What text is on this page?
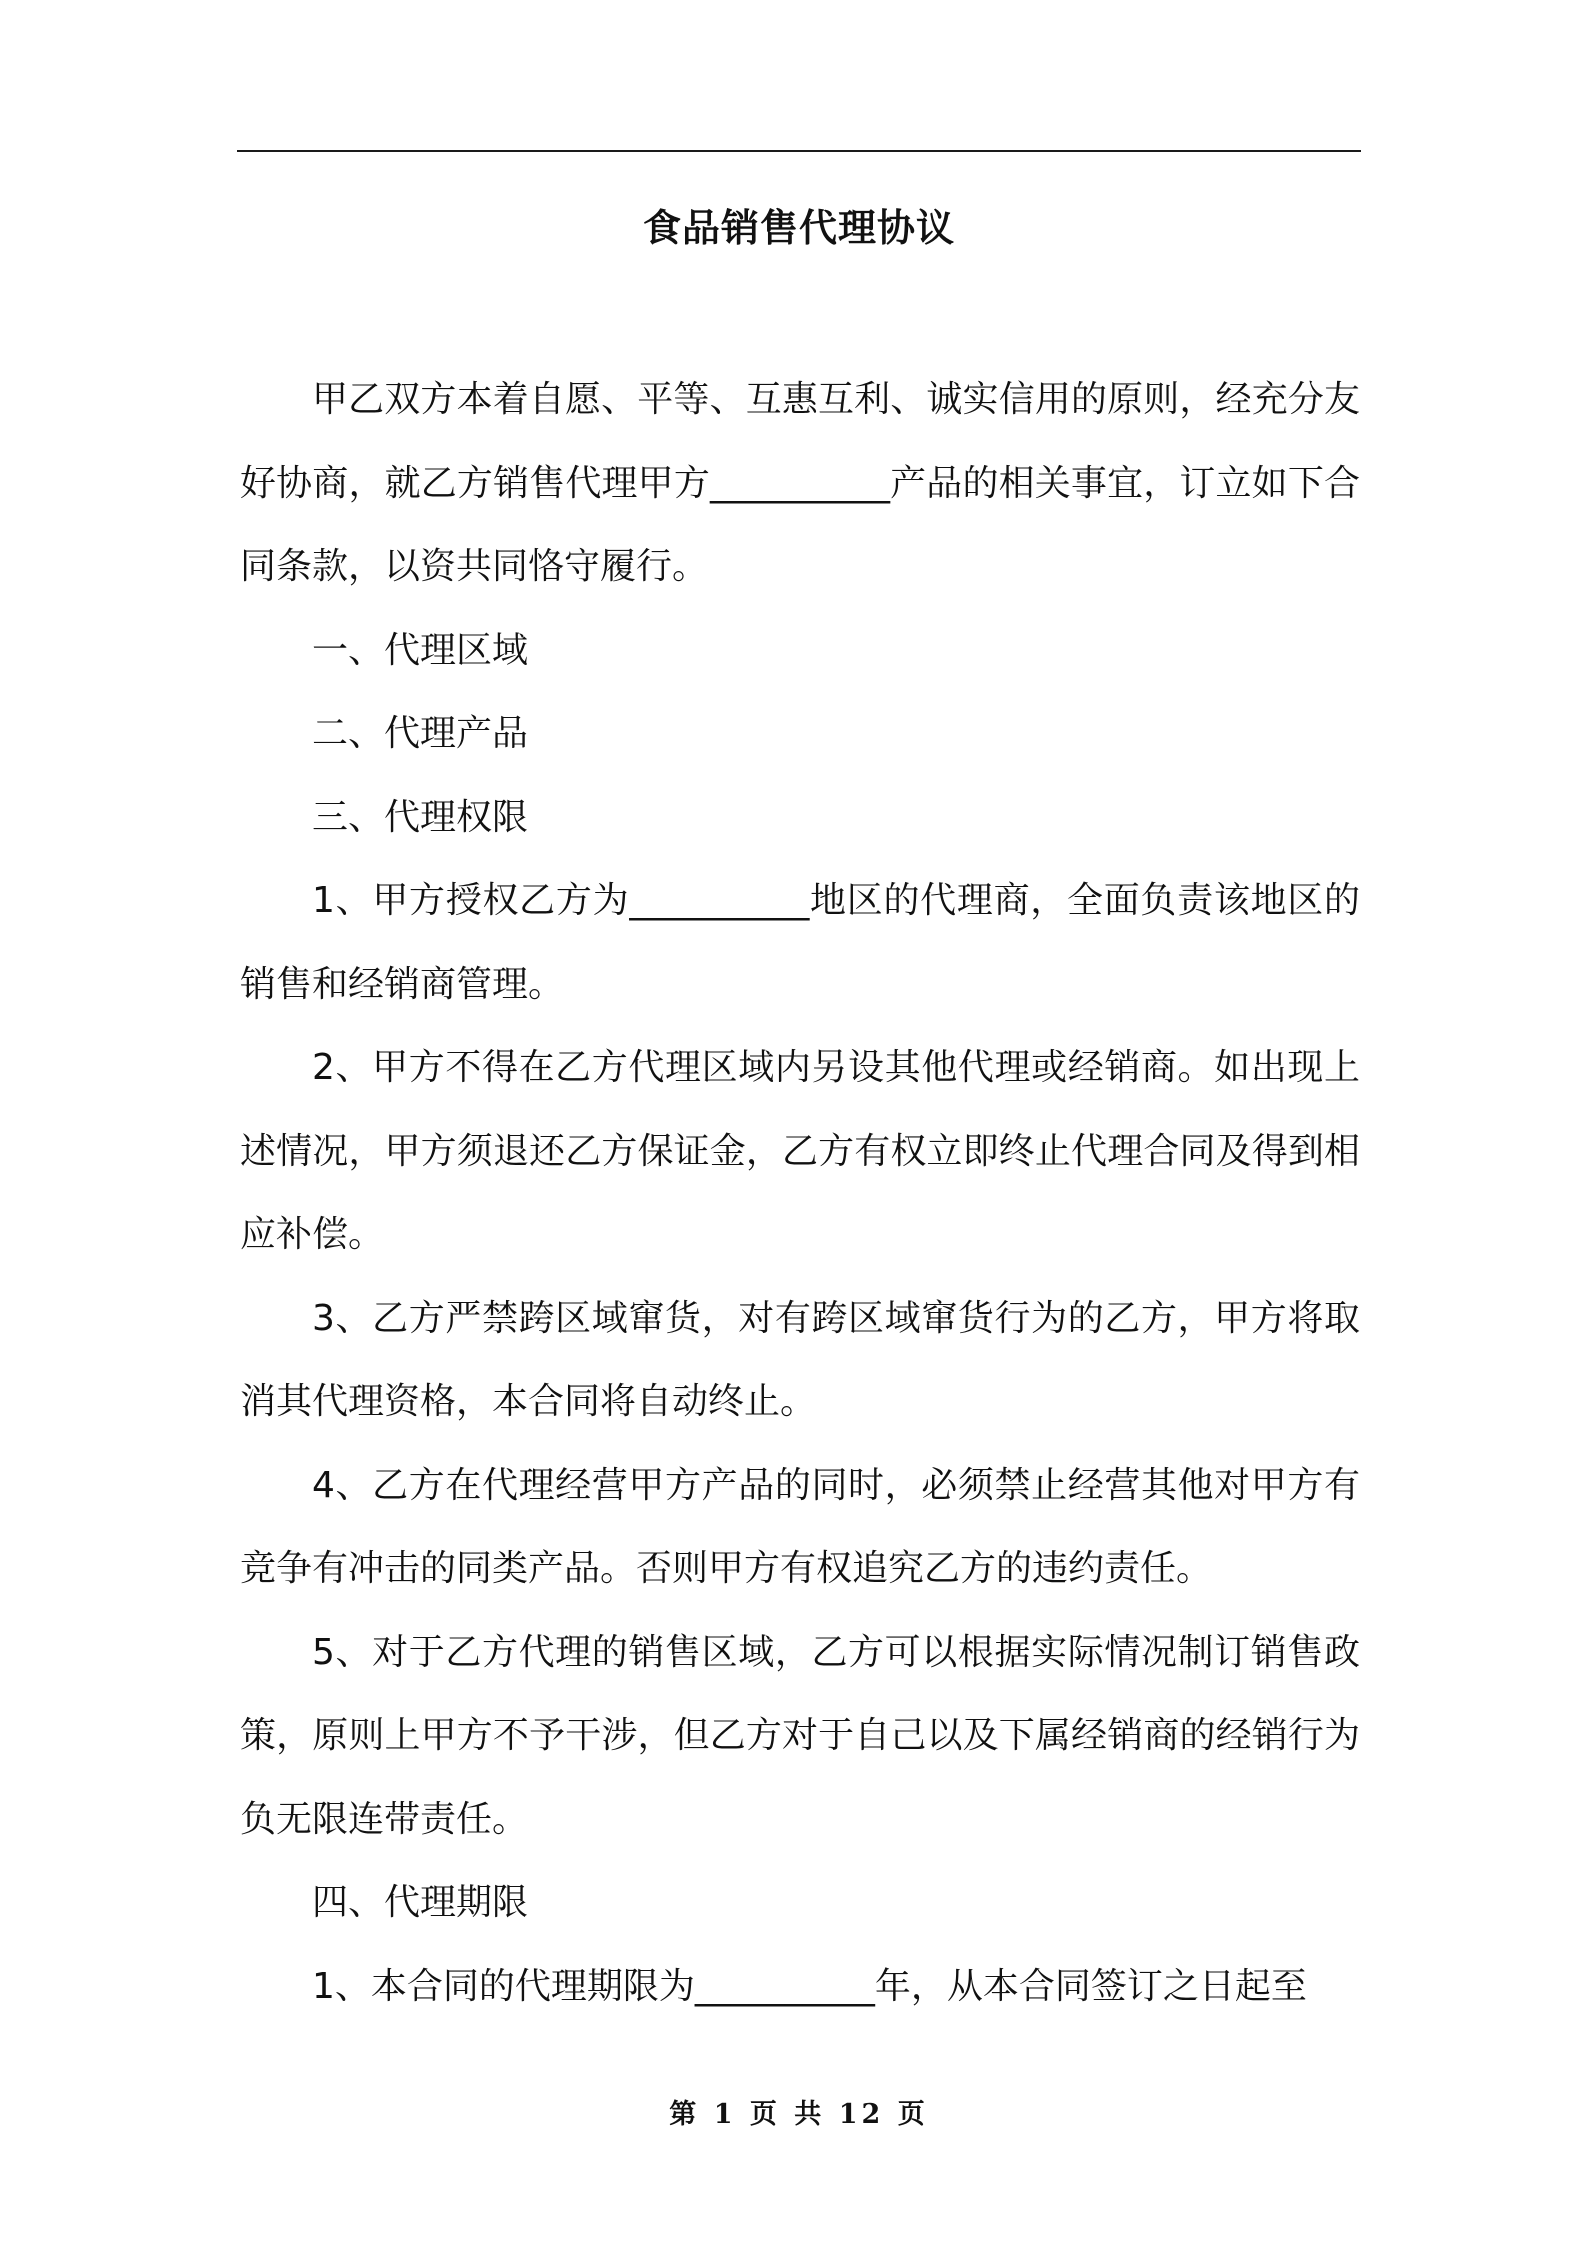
食品销售代理协议

甲乙双方本着自愿、平等、互惠互利、诚实信用的原则，经充分友好协商，就乙方销售代理甲方__________产品的相关事宜，订立如下合同条款，以资共同恪守履行。

一、代理区域

二、代理产品

三、代理权限

1、甲方授权乙方为__________地区的代理商，全面负责该地区的销售和经销商管理。

2、甲方不得在乙方代理区域内另设其他代理或经销商。如出现上述情况，甲方须退还乙方保证金，乙方有权立即终止代理合同及得到相应补偿。

3、乙方严禁跨区域窜货，对有跨区域窜货行为的乙方，甲方将取消其代理资格，本合同将自动终止。

4、乙方在代理经营甲方产品的同时，必须禁止经营其他对甲方有竞争有冲击的同类产品。否则甲方有权追究乙方的违约责任。

5、对于乙方代理的销售区域，乙方可以根据实际情况制订销售政策，原则上甲方不予干涉，但乙方对于自己以及下属经销商的经销行为负无限连带责任。

四、代理期限

1、本合同的代理期限为__________年，从本合同签订之日起至

第 1 页 共 12 页
